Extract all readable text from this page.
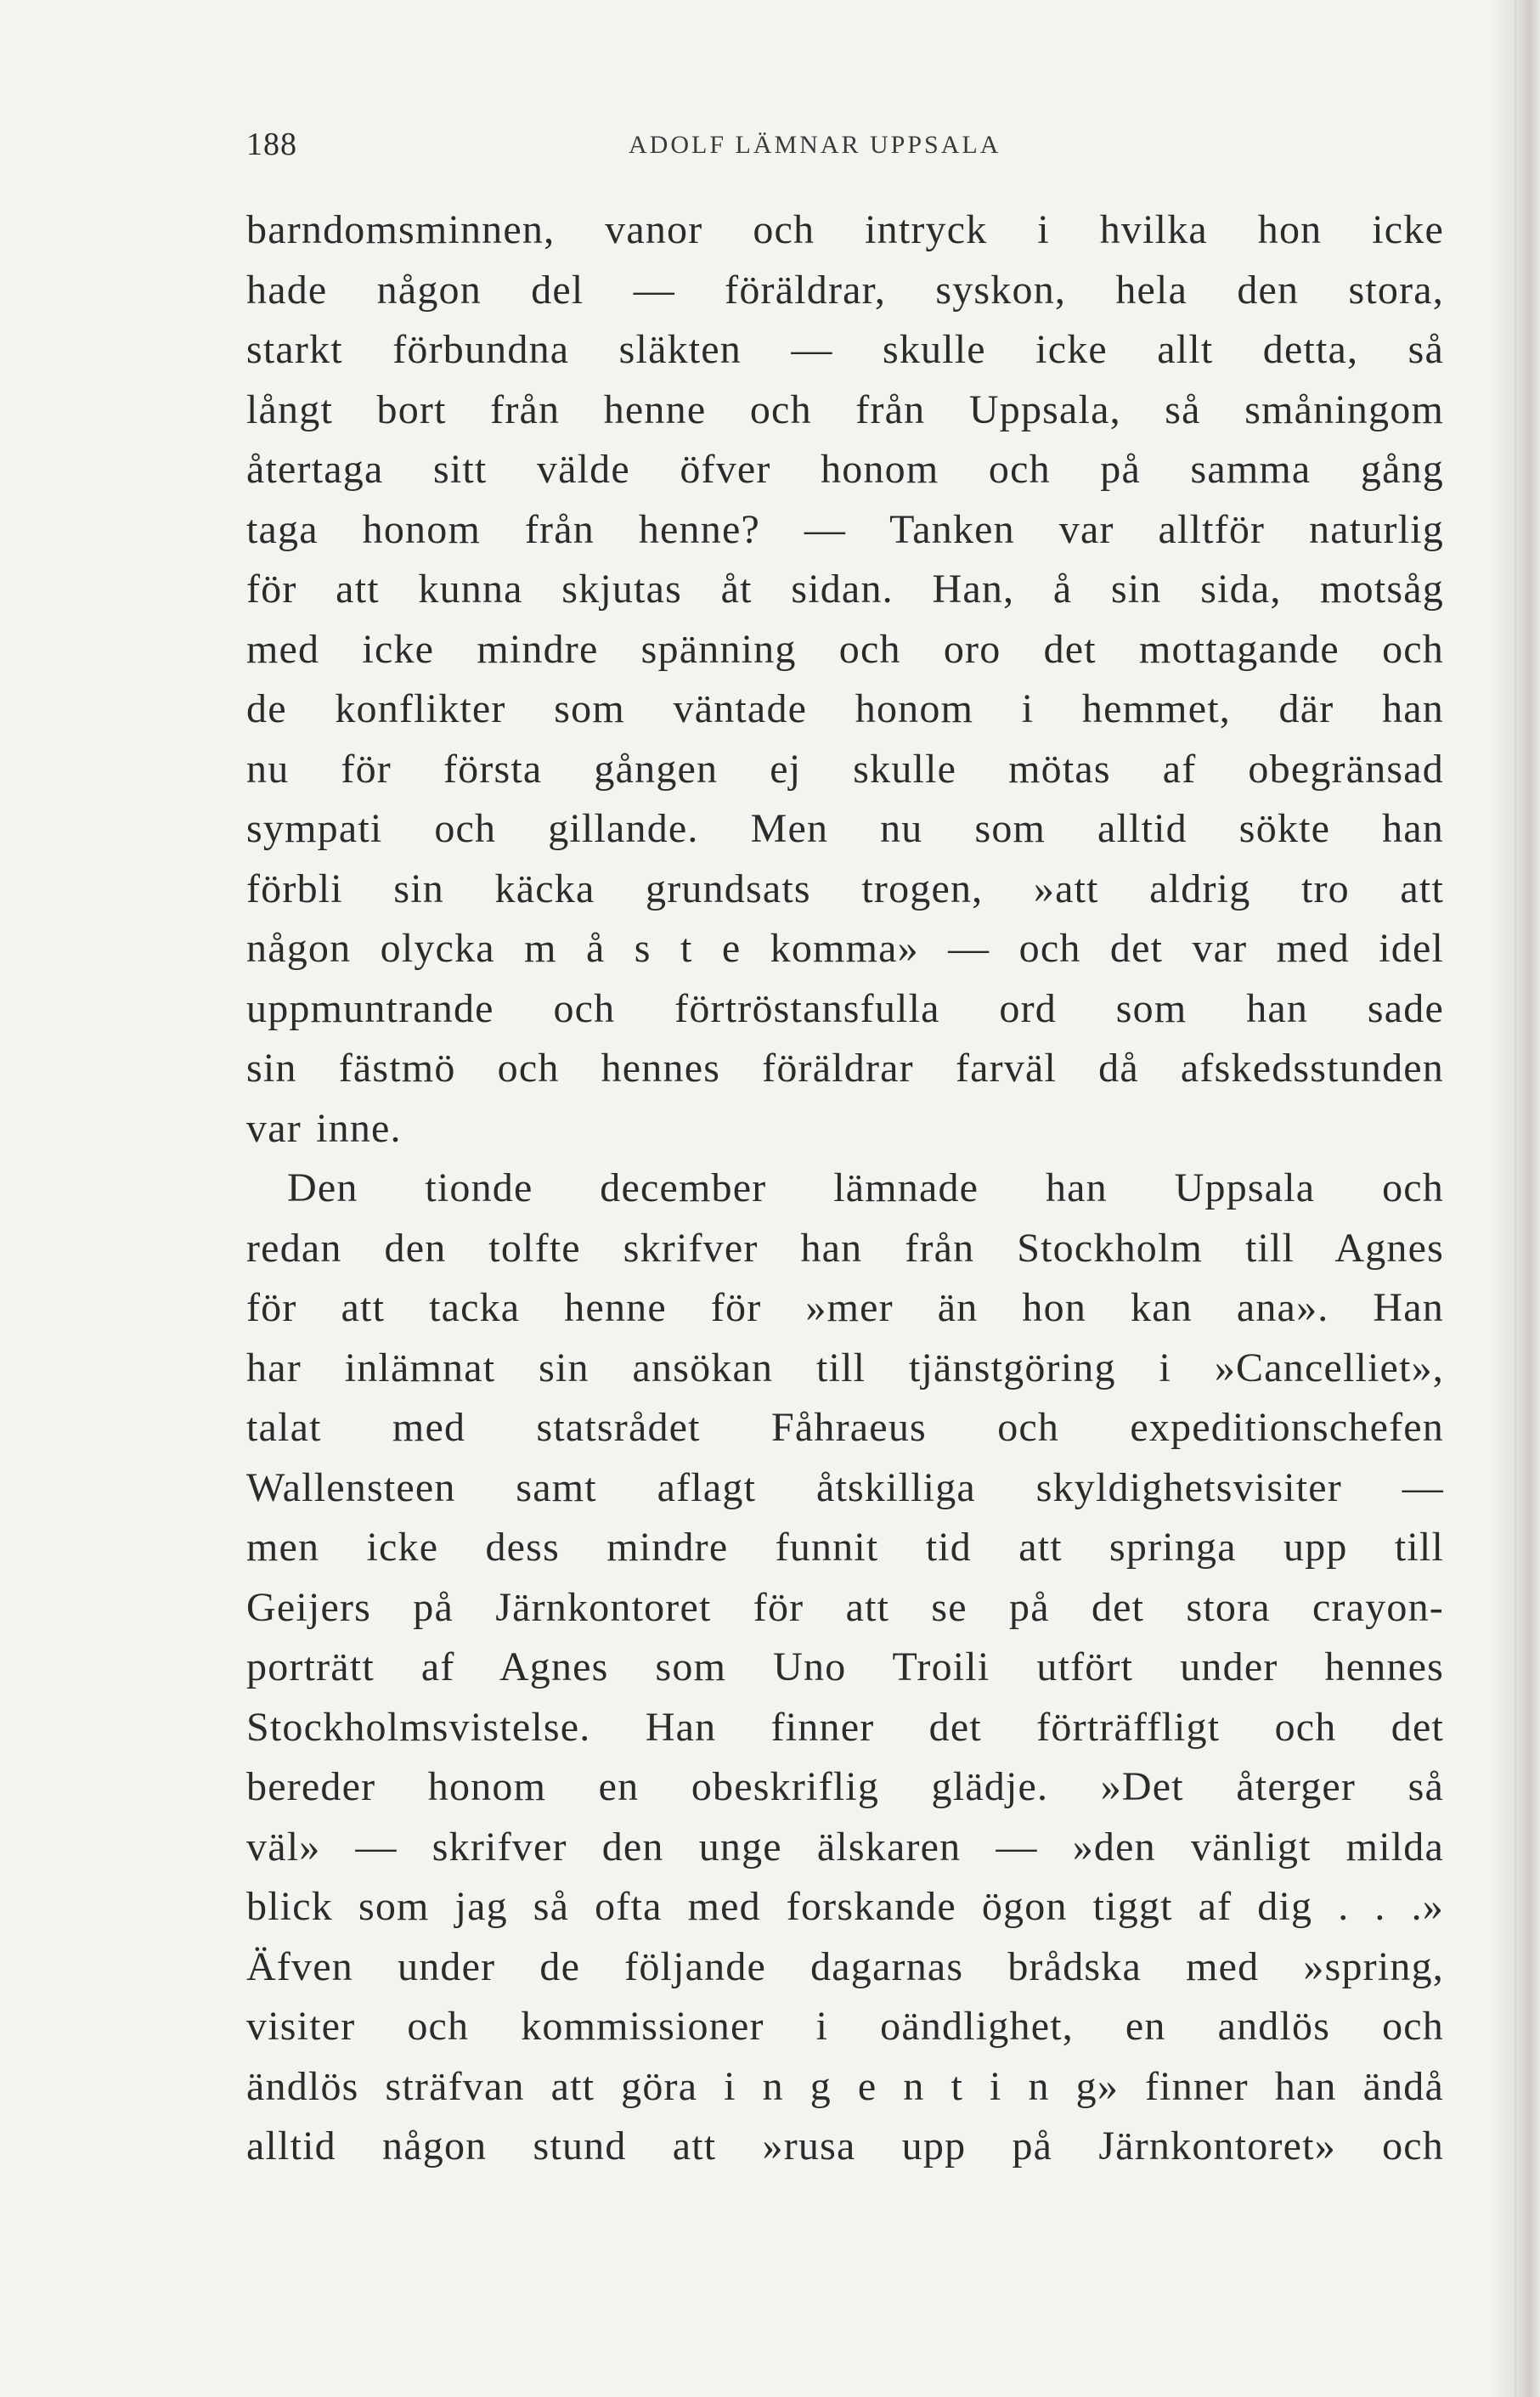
188	ADOLF LÄMNAR UPPSALA
barndomsminnen, vanor och intryck i hvilka hon icke
hade någon del — föräldrar, syskon, hela den stora,
starkt förbundna släkten — skulle icke allt detta, så
långt bort från henne och från Uppsala, så småningom
återtaga sitt välde öfver honom och på samma gång
taga honom från henne? — Tanken var alltför naturlig
för att kunna skjutas åt sidan. Han, å sin sida, motsåg
med icke mindre spänning och oro det mottagande och
de konflikter som väntade honom i hemmet, där han
nu för första gången ej skulle mötas af obegränsad
sympati och gillande. Men nu som alltid sökte han
förbli sin käcka grundsats trogen, »att aldrig tro att
någon olycka m å s t e komma» — och det var med idel
uppmuntrande och förtröstansfulla ord som han sade
sin fästmö och hennes föräldrar farväl då afskedsstunden
var inne.
Den tionde december lämnade han Uppsala och
redan den tolfte skrifver han från Stockholm till Agnes
för att tacka henne för »mer än hon kan ana». Han
har inlämnat sin ansökan till tjänstgöring i »Cancelliet»,
talat med statsrådet Fåhraeus och expeditionschefen
Wallensteen samt aflagt åtskilliga skyldighetsvisiter —
men icke dess mindre funnit tid att springa upp till
Geijers på Järnkontoret för att se på det stora crayon-
porträtt af Agnes som Uno Troili utfört under hennes
Stockholmsvistelse. Han finner det förträffligt och det
bereder honom en obeskriflig glädje. »Det återger så
väl» — skrifver den unge älskaren — »den vänligt milda
blick som jag så ofta med forskande ögon tiggt af dig . . .»
Äfven under de följande dagarnas brådska med »spring,
visiter och kommissioner i oändlighet, en andlös och
ändlös sträfvan att göra i n g e n t i n g» finner han ändå
alltid någon stund att »rusa upp på Järnkontoret» och
